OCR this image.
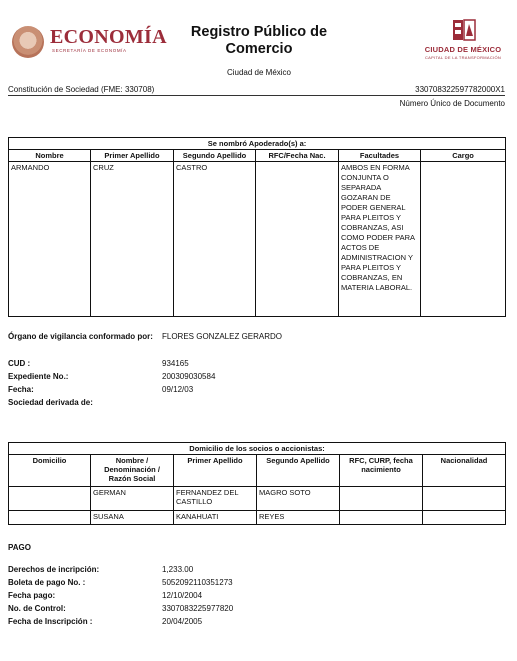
ECONOMÍA
SECRETARÍA DE ECONOMÍA
Registro Público de
Comercio
Ciudad de México
CIUDAD DE MÉXICO
CAPITAL DE LA TRANSFORMACIÓN
Constitución de Sociedad (FME: 330708)	330708322597782000X1
Número Único de Documento
Se nombró Apoderado(s) a:					
Nombre	Primer Apellido	Segundo Apellido	RFC/Fecha Nac.	Facultades	Cargo
ARMANDO	CRUZ	CASTRO		AMBOS EN FORMA CONJUNTA O SEPARADA GOZARAN DE PODER GENERAL PARA PLEITOS Y COBRANZAS, ASI COMO PODER PARA ACTOS DE ADMINISTRACION Y PARA PLEITOS Y COBRANZAS, EN MATERIA LABORAL.	
Órgano de vigilancia conformado por:	FLORES GONZALEZ GERARDO
CUD :	934165
Expediente No.:	200309030584
Fecha:	09/12/03
Sociedad derivada de:
Domicilio de los socios o accionistas:					
Domicilio	Nombre / Denominación / Razón Social	Primer Apellido	Segundo Apellido	RFC, CURP, fecha nacimiento	Nacionalidad
	GERMAN	FERNANDEZ DEL CASTILLO	MAGRO SOTO		
	SUSANA	KANAHUATI	REYES		
PAGO
Derechos de incripción:	1,233.00
Boleta de pago No. :	5052092110351273
Fecha pago:	12/10/2004
No. de Control:	3307083225977820
Fecha de Inscripción :	20/04/2005
